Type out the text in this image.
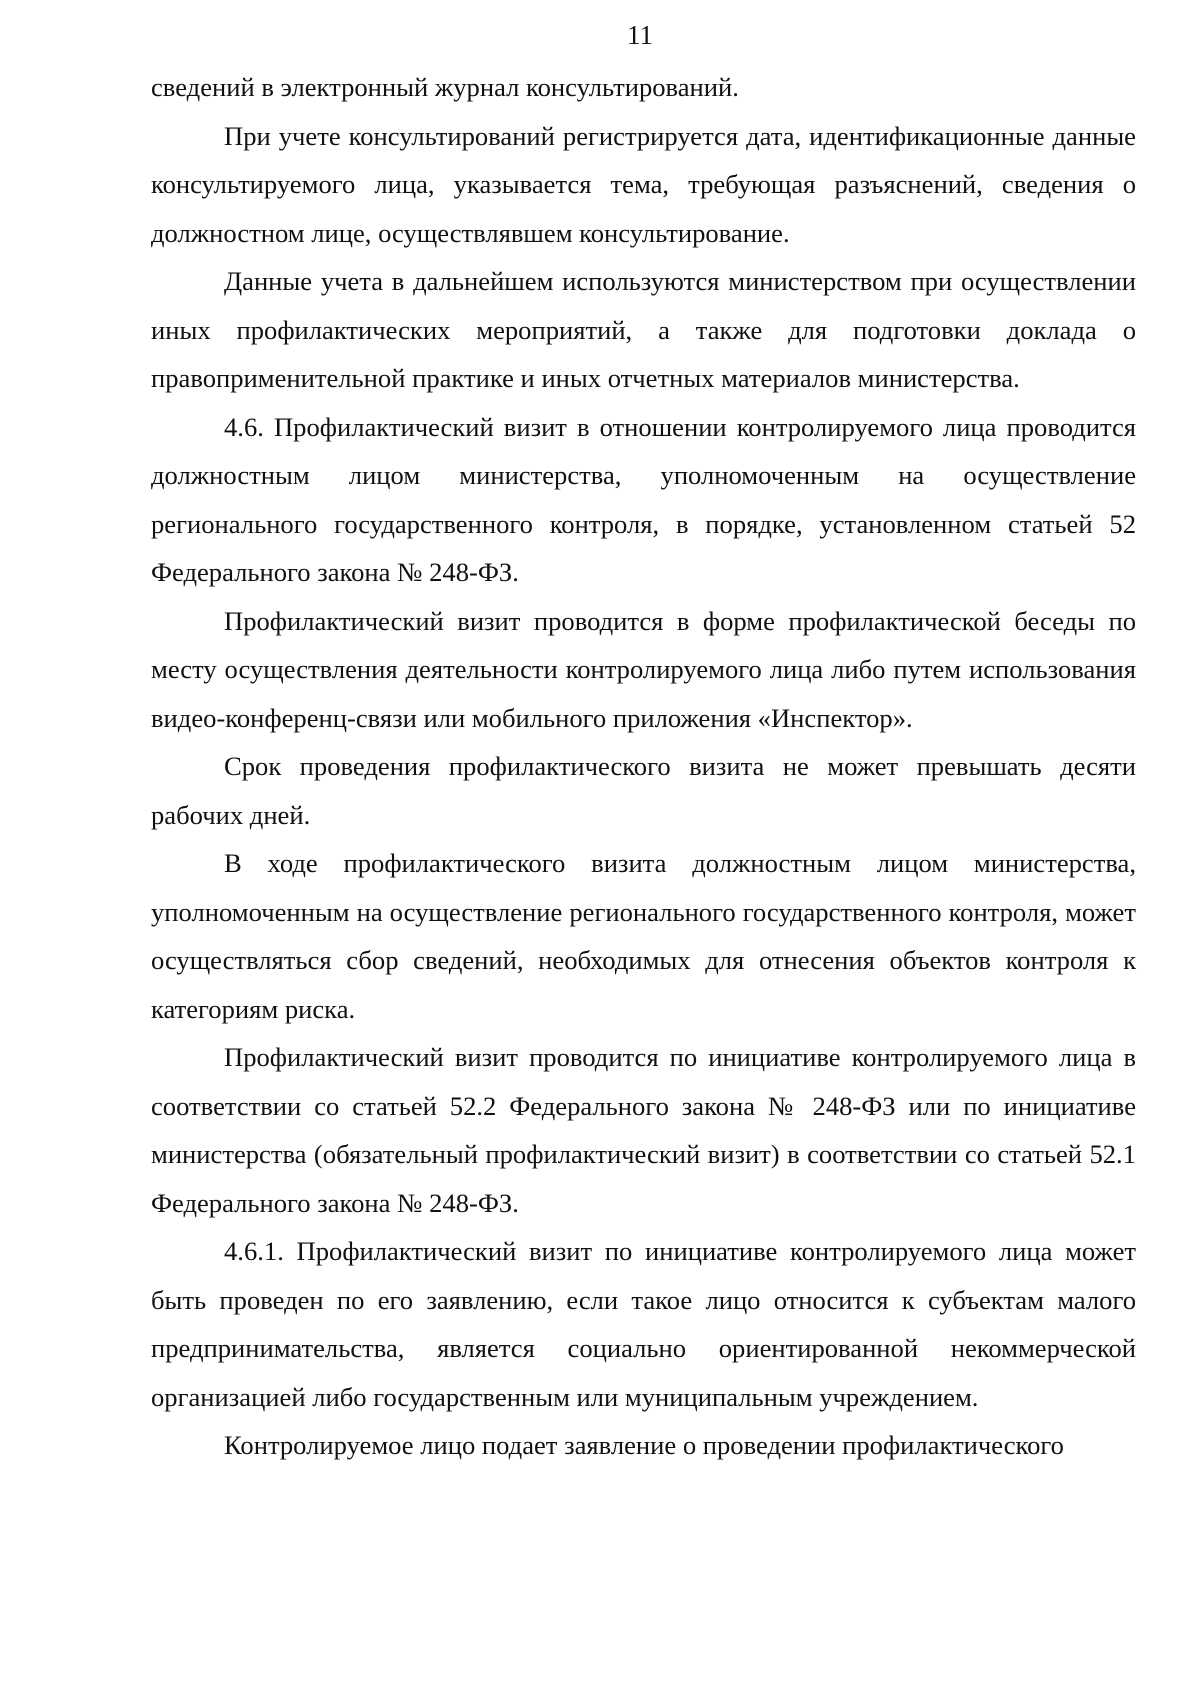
11

сведений в электронный журнал консультирований.

При учете консультирований регистрируется дата, идентификационные данные консультируемого лица, указывается тема, требующая разъяснений, сведения о должностном лице, осуществлявшем консультирование.

Данные учета в дальнейшем используются министерством при осуществлении иных профилактических мероприятий, а также для подготовки доклада о правоприменительной практике и иных отчетных материалов министерства.

4.6. Профилактический визит в отношении контролируемого лица проводится должностным лицом министерства, уполномоченным на осуществление регионального государственного контроля, в порядке, установленном статьей 52 Федерального закона № 248-ФЗ.

Профилактический визит проводится в форме профилактической беседы по месту осуществления деятельности контролируемого лица либо путем использования видео-конференц-связи или мобильного приложения «Инспектор».

Срок проведения профилактического визита не может превышать десяти рабочих дней.

В ходе профилактического визита должностным лицом министерства, уполномоченным на осуществление регионального государственного контроля, может осуществляться сбор сведений, необходимых для отнесения объектов контроля к категориям риска.

Профилактический визит проводится по инициативе контролируемого лица в соответствии со статьей 52.2 Федерального закона № 248-ФЗ или по инициативе министерства (обязательный профилактический визит) в соответствии со статьей 52.1 Федерального закона № 248-ФЗ.

4.6.1. Профилактический визит по инициативе контролируемого лица может быть проведен по его заявлению, если такое лицо относится к субъектам малого предпринимательства, является социально ориентированной некоммерческой организацией либо государственным или муниципальным учреждением.

Контролируемое лицо подает заявление о проведении профилактического
